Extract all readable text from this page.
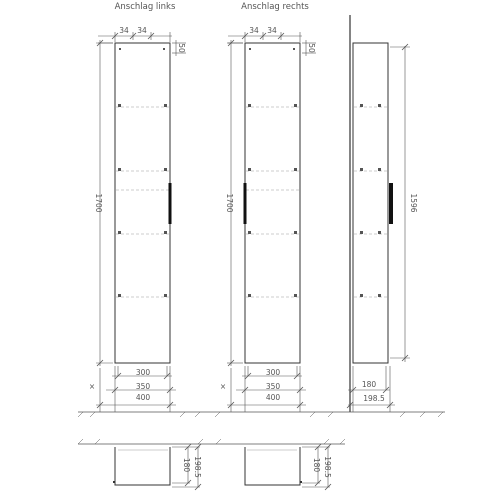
Anschlag links	Anschlag rechts
34 34
50
1700
×
300
350
400
34 34
50
1700
×
300
350
400
1596
180
198.5
180 198.5	180 198.5
